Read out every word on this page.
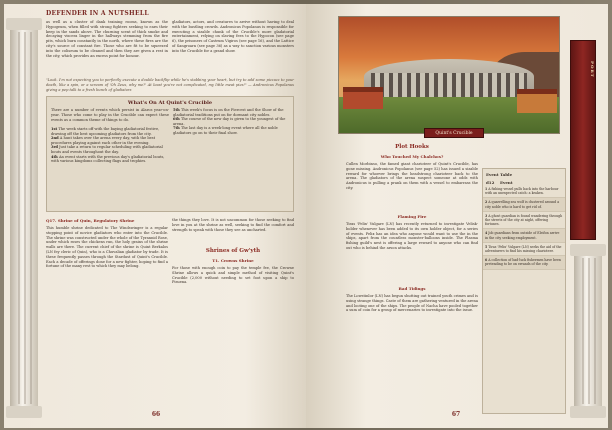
DEFENDER IN A NUTSHELL
as well as a cluster of dank training rooms, known as the Hypogeum, when filled with strong fighters seeking to earn their keep in the sands above. The churning scent of thick smoke and decaying viscera linger in the hallways stemming from the fire pits, which burn constantly in the north, where these fires are the city's source of constant fire. Those who are fit to be squeezed into the coliseum to be cleaned and then they are given a rest in the city, which provides an excess point for honour.
gladiators, actors, and creatures to arrive without having to deal with the bustling crowds. Andronicus Popolanus is responsible for executing a sizable chunk of the Crucible's more gladatorial entertainment, relying on slaving fees to the Hypocon (see page 6), the prisoners of Castrum Vigiros (see page 16), and the Lattice of Sangroarn (see page 36) as a way to sanction various monsters into the Crucible for a grand show.
"Look. I'm not expecting you to perfectly execute a double backflip while he's stabbing your heart, but try to add some pizzazz to your death, like a spin, or a scream of 'Oh Zeus, why me?' At least you're not complicated, my little meat pies!" — Andronicus Popolanus giving a pep talk to a fresh bunch of gladiators
What's On At Quint's Crucible
There are a number of events which persist in Alaros year-on-year. Those who come to play in the Crucible can expect these events as a common theme of things to do.
1st The week starts off with the baying gladiatorial festive, drawing off the best upcoming gladiators from the city.
2nd A hunt takes over the arena every day, with the best procedures playing against each other in the evening.
3rd Just take a return to regular scheduling with gladiatorial bouts and events throughout the day.
4th An event starts with the previous day's gladiatorial bouts, with various kingdoms collecting flags and trophies.
5th This week's focus is on the Fiercest and the Show of the gladiatorial traditions put on for dormant city nobles.
6th The course of the new day is given to the youngest of the arena.
7th The last day is a week-long event where all the noble gladiators go on to their final show.
Q17. Shrine of Quin, Regulatory Shrine
This humble shrine dedicated to The Windswinger is a regular stopping point of novice gladiators who enter into the Crucible. The shrine was constructed under the whole of the Tyrannid Rose, under which roses the chickens run, the holy grains of the shrine walls are there. The current chief of the shrine is Quint Berkalos (LN fey cleric of Quin), who is a Chuvalian gladiator by trade. It is these frequently passes through the Stardust of Quint's Crucible. Each a decade of offerings done for a new fighter, hoping to find a fortune of the many rest to which they may belong.
the things they love. It is not uncommon for those seeking to find love in you at the shrine as well, seeking to find the comfort and strength to speak with those they see as uncharted.
Shrines of Gw'yth
T1. Crowns Shrine
For those with enough coin to pay the temple fee, the Crowne Shrine allows a quick and simple method of visiting Quint's Crucible (2,000 without needing to set foot upon a ship to Pisuena.
66
Quint's Crucible
Plot Hooks
Who Touched My Chalchos?
Cullen Morbinso, the famed giant charioteer of Quint's Crucible, has gone missing. Andronicus Popolanus (see page 52) has issued a sizable reward for whoever brings the headstrong charioteer back to the arena. The gladiators of the arena suspect someone at odds with Andronicus is pulling a prank on them with a vessel to embarrass the city.
Flaming Fire
Tiras 'Felix' Vulgare (LN) has recently returned to investigate Velisk-bolder whenever has been added to its own holder object, for a series of events. Felix has an idea who anyone would want to use the in the ships, apart from the countless monster-balloons inside. The Plasma fishing guild's nest is offering a large reward to anyone who can find out who is behind the arson attacks.
Bad Tidings
The Lowstinlor (LN) has begun shutting out trained youth crimes and is using strange things. Caste of them are gathering ventured in the arena and looting one of the ships. The people of Nacha have pooled together a sum of coin for a group of mercenaries to investigate into the issue.
Event Table
d12	Event
1 A fishing vessel pulls back into the harbour with an unexpected catch: a kraken.
2 A quarrelling sea wolf is clustered around a city noble who is hard to get rid of.
3 A ghost guardian is found wandering through the streets of the city at night, offering fortunes.
4 Job guardians from outside of Eleifon arrive in the city seeking employment.
5 Tiras 'Felix' Vulgare (LN) seeks the aid of the adventurers to find his missing charioteer.
6 A collection of bad-luck fishermen have been pretending to be on errands of the city.
PORT
67
